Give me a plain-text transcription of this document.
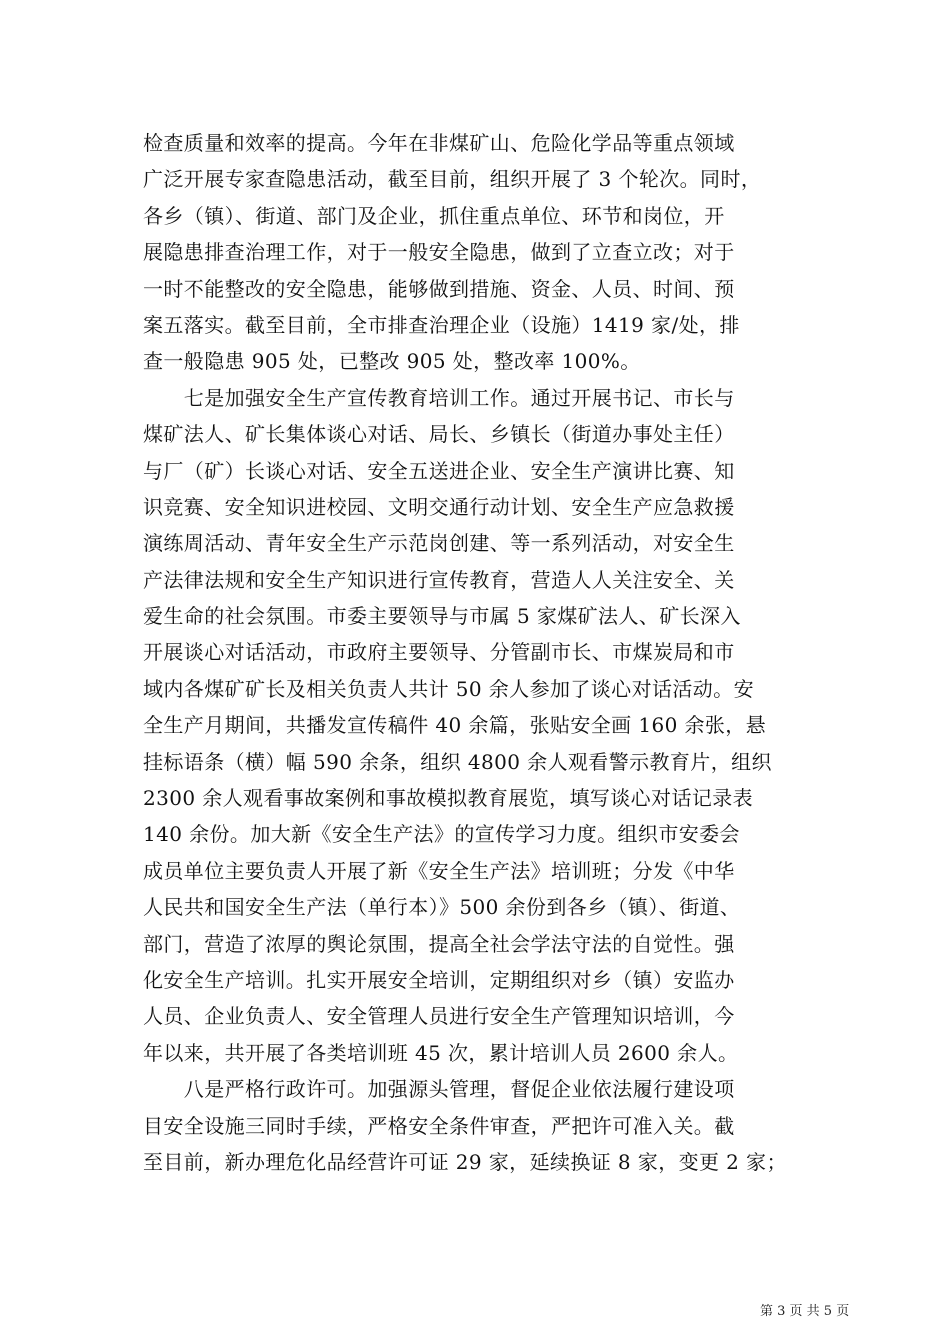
检查质量和效率的提高。今年在非煤矿山、危险化学品等重点领域
广泛开展专家查隐患活动，截至目前，组织开展了 3 个轮次。同时，
各乡（镇）、街道、部门及企业，抓住重点单位、环节和岗位，开
展隐患排查治理工作，对于一般安全隐患，做到了立查立改；对于
一时不能整改的安全隐患，能够做到措施、资金、人员、时间、预
案五落实。截至目前，全市排查治理企业（设施）1419 家/处，排
查一般隐患 905 处，已整改 905 处，整改率 100%。
　　七是加强安全生产宣传教育培训工作。通过开展书记、市长与
煤矿法人、矿长集体谈心对话、局长、乡镇长（街道办事处主任）
与厂（矿）长谈心对话、安全五送进企业、安全生产演讲比赛、知
识竞赛、安全知识进校园、文明交通行动计划、安全生产应急救援
演练周活动、青年安全生产示范岗创建、等一系列活动，对安全生
产法律法规和安全生产知识进行宣传教育，营造人人关注安全、关
爱生命的社会氛围。市委主要领导与市属 5 家煤矿法人、矿长深入
开展谈心对话活动，市政府主要领导、分管副市长、市煤炭局和市
域内各煤矿矿长及相关负责人共计 50 余人参加了谈心对话活动。安
全生产月期间，共播发宣传稿件 40 余篇，张贴安全画 160 余张，悬
挂标语条（横）幅 590 余条，组织 4800 余人观看警示教育片，组织
2300 余人观看事故案例和事故模拟教育展览，填写谈心对话记录表
140 余份。加大新《安全生产法》的宣传学习力度。组织市安委会
成员单位主要负责人开展了新《安全生产法》培训班；分发《中华
人民共和国安全生产法（单行本）》500 余份到各乡（镇）、街道、
部门，营造了浓厚的舆论氛围，提高全社会学法守法的自觉性。强
化安全生产培训。扎实开展安全培训，定期组织对乡（镇）安监办
人员、企业负责人、安全管理人员进行安全生产管理知识培训，今
年以来，共开展了各类培训班 45 次，累计培训人员 2600 余人。
　　八是严格行政许可。加强源头管理，督促企业依法履行建设项
目安全设施三同时手续，严格安全条件审查，严把许可准入关。截
至目前，新办理危化品经营许可证 29 家，延续换证 8 家，变更 2 家；
第 3 页 共 5 页
